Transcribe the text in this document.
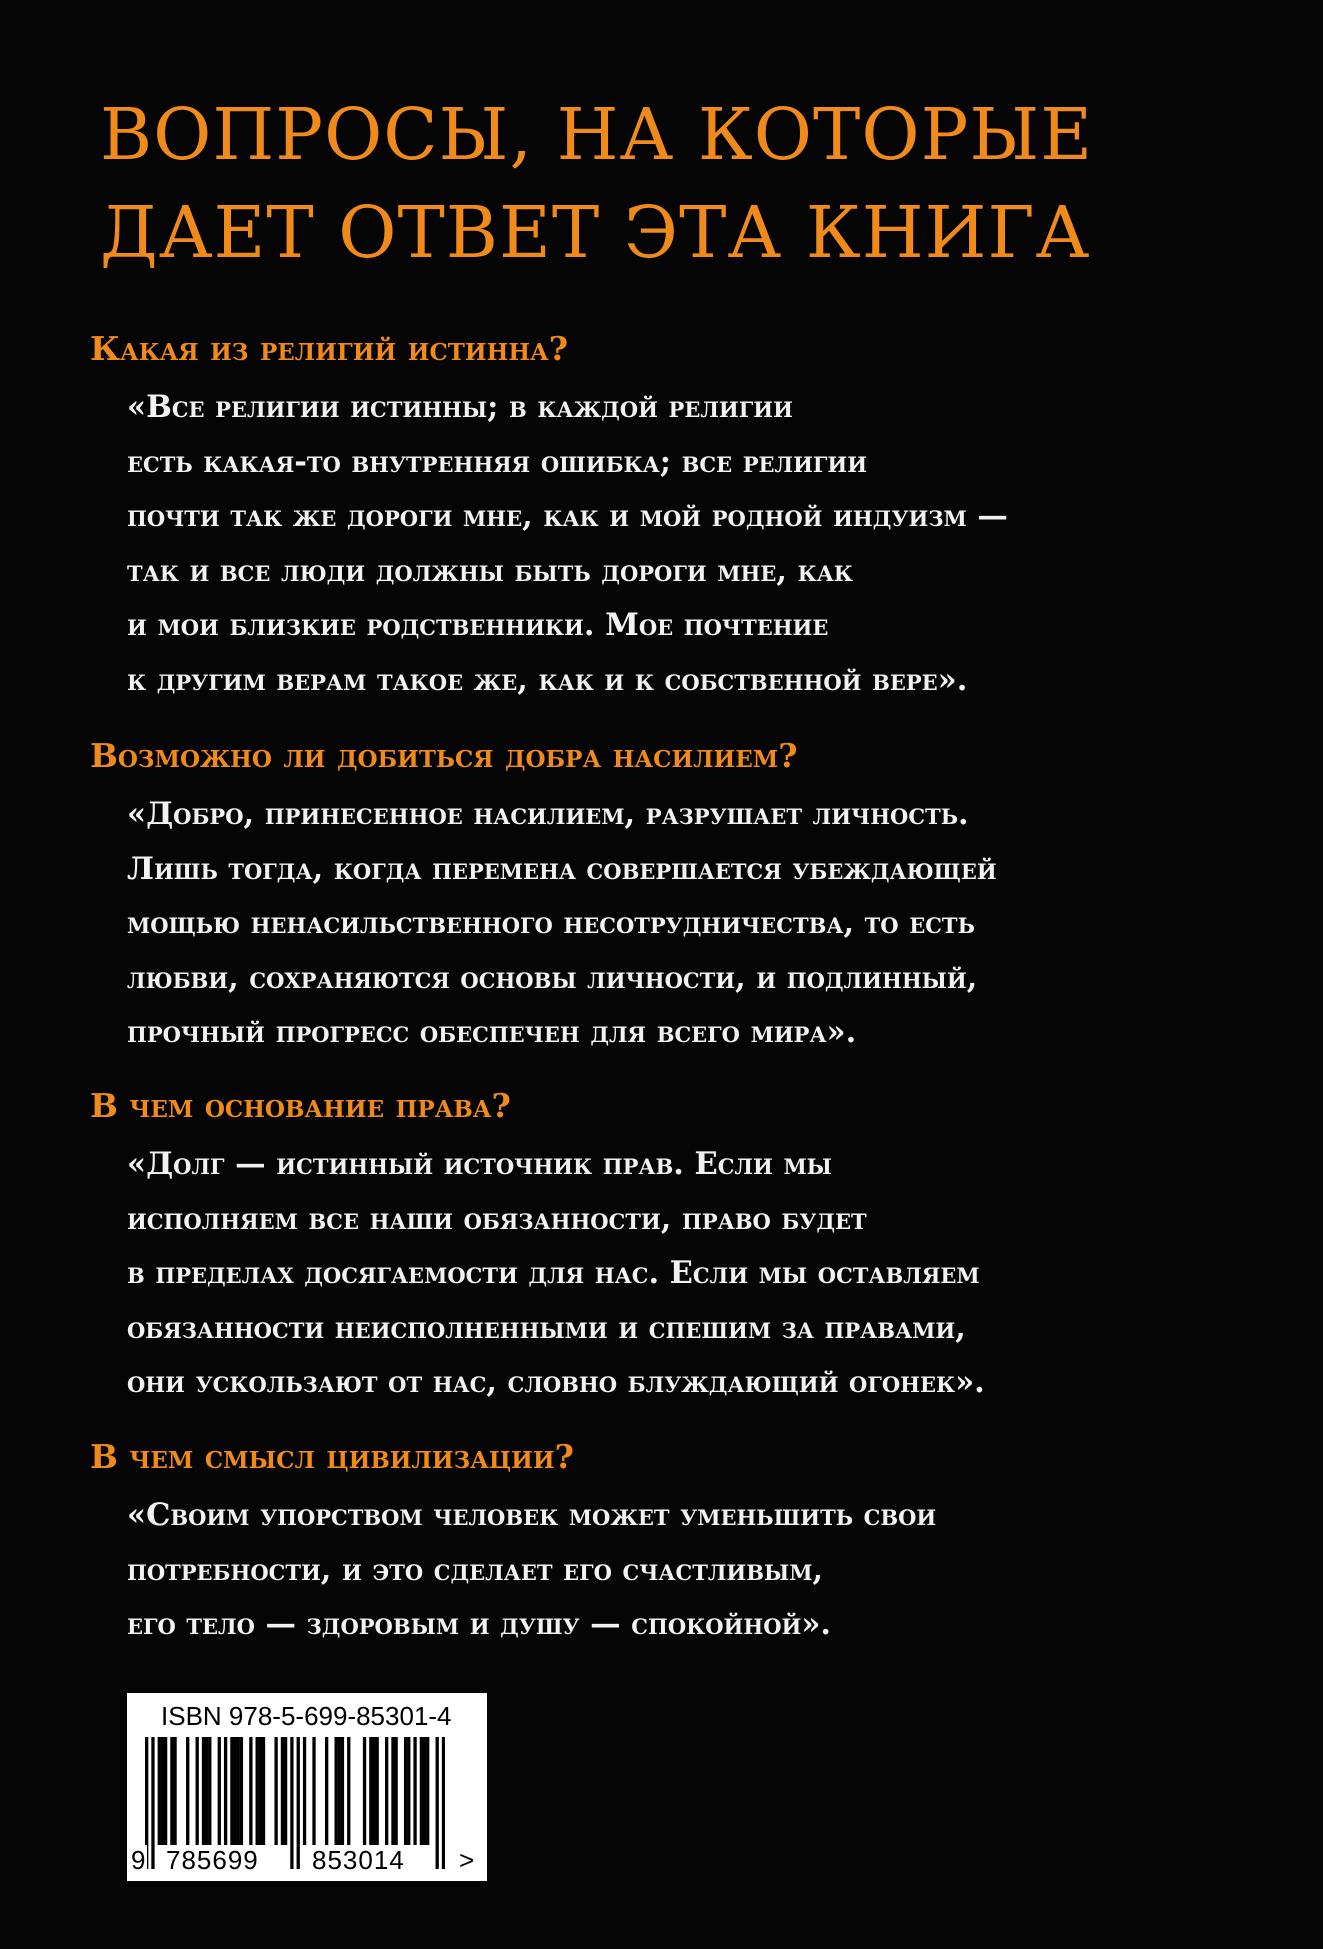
ВОПРОСЫ, НА КОТОРЫЕ
ДАЕТ ОТВЕТ ЭТА КНИГА
Какая из религий истинна?
«Все религии истинны; в каждой религии
есть какая-то внутренняя ошибка; все религии
почти так же дороги мне, как и мой родной индуизм —
так и все люди должны быть дороги мне, как
и мои близкие родственники. Мое почтение
к другим верам такое же, как и к собственной вере».
Возможно ли добиться добра насилием?
«Добро, принесенное насилием, разрушает личность.
Лишь тогда, когда перемена совершается убеждающей
мощью ненасильственного несотрудничества, то есть
любви, сохраняются основы личности, и подлинный,
прочный прогресс обеспечен для всего мира».
В чем основание права?
«Долг — истинный источник прав. Если мы
исполняем все наши обязанности, право будет
в пределах досягаемости для нас. Если мы оставляем
обязанности неисполненными и спешим за правами,
они ускользают от нас, словно блуждающий огонек».
В чем смысл цивилизации?
«Своим упорством человек может уменьшить свои
потребности, и это сделает его счастливым,
его тело — здоровым и душу — спокойной».
ISBN 978-5-699-85301-4
9 785699 853014 >
